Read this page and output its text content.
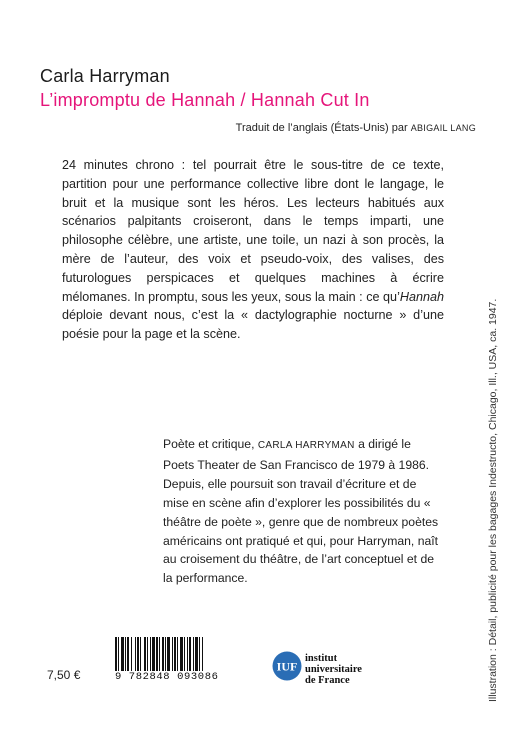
Carla Harryman
L’impromptu de Hannah / Hannah Cut In
Traduit de l’anglais (États-Unis) par ABIGAIL LANG

24 minutes chrono : tel pourrait être le sous-titre de ce texte, partition pour une performance collective libre dont le langage, le bruit et la musique sont les héros. Les lecteurs habitués aux scénarios palpitants croiseront, dans le temps imparti, une philosophe célèbre, une artiste, une toile, un nazi à son procès, la mère de l’auteur, des voix et pseudo-voix, des valises, des futurologues perspicaces et quelques machines à écrire mélomanes. In promptu, sous les yeux, sous la main : ce qu’Hannah déploie devant nous, c’est la « dactylographie nocturne » d’une poésie pour la page et la scène.

Poète et critique, CARLA HARRYMAN a dirigé le Poets Theater de San Francisco de 1979 à 1986. Depuis, elle poursuit son travail d’écriture et de mise en scène afin d’explorer les possibilités du « théâtre de poète », genre que de nombreux poètes américains ont pratiqué et qui, pour Harryman, naît au croisement du théâtre, de l’art conceptuel et de la performance.	Illustration : Détail, publicité pour les bagages Indestructo, Chicago, Ill., USA, ca. 1947.
7,50 €	9 782848 093086
IUF
institut
universitaire
de France
